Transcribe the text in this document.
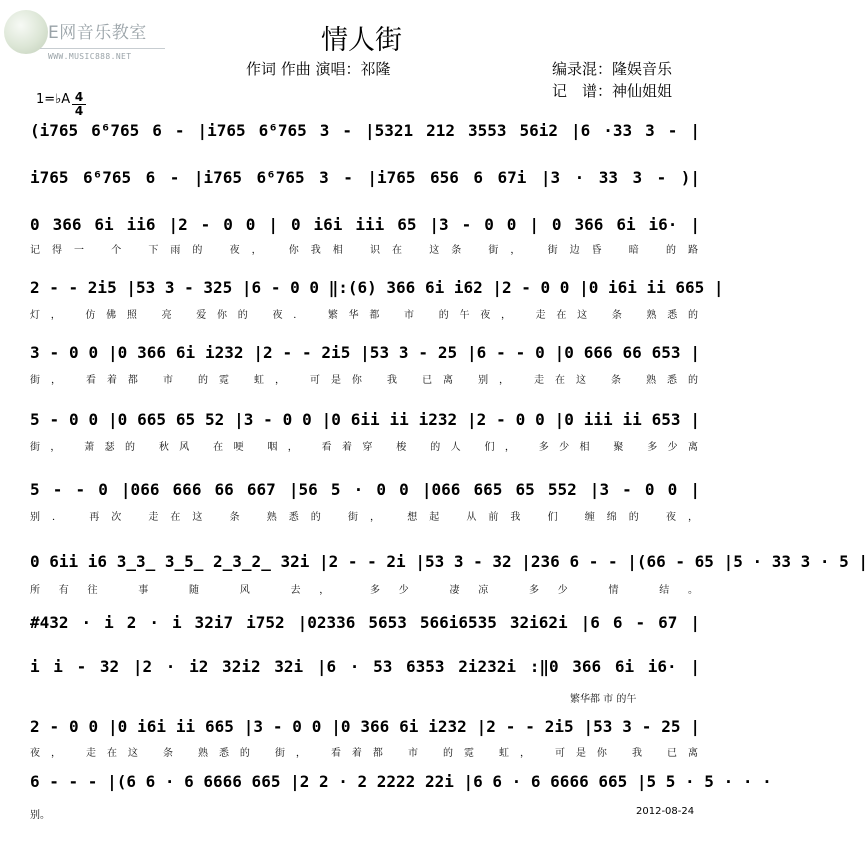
E网音乐教室
WWW.MUSIC888.NET
情人街
作词 作曲 演唱：祁隆	编录混：隆娱音乐
记　谱：神仙姐姐
1=♭A 4
4
(i765 6⁶765 6 - |i765 6⁶765 3 - |5321 212 3553 56i2 |6 ·33 3 - |
i765 6⁶765 6 - |i765 6⁶765 3 - |i765 656 6 67i |3 · 33 3 - )|
0 366 6i ii6 |2 - 0 0 | 0 i6i iii 65 |3 - 0 0 | 0 366 6i i6· |
记得一 个 下雨的 夜， 你我相 识在 这条 街， 街边昏 暗 的路
2 - - 2i5 |53 3 - 325 |6 - 0 0 ‖:(6) 366 6i i62 |2 - 0 0 |0 i6i ii 665 |
灯， 仿佛照 亮 爱你的 夜． 繁华都 市 的午夜， 走在这 条 熟悉的
3 - 0 0 |0 366 6i i232 |2 - - 2i5 |53 3 - 25 |6 - - 0 |0 666 66 653 |
街， 看着都 市 的霓 虹， 可是你 我 已离 别， 走在这 条 熟悉的
5 - 0 0 |0 665 65 52 |3 - 0 0 |0 6ii ii i232 |2 - 0 0 |0 iii ii 653 |
街， 萧瑟的 秋风 在哽 咽， 看着穿 梭 的人 们， 多少相 聚 多少离
5 - - 0 |066 666 66 667 |56 5 · 0 0 |066 665 65 552 |3 - 0 0 |
别． 再次 走在这 条 熟悉的 街， 想起 从前我 们 缠绵的 夜，
0 6ii i6 3̲3̲ 3̲5̲ 2̲3̲2̲ 32i |2 - - 2i |53 3 - 32 |236 6 - - |(66 - 65 |5 · 33 3 · 5 |
所有往 事 随 风 去， 多少 凄凉 多少 情 结。
#432 · i 2 · i 32i7 i752 |02336 5653 566i6535 32i62i |6 6 - 67 |
i i - 32 |2 · i2 32i2 32i |6 · 53 6353 2i232i :‖0 366 6i i6· |
繁华都 市 的午
2 - 0 0 |0 i6i ii 665 |3 - 0 0 |0 366 6i i232 |2 - - 2i5 |53 3 - 25 |
夜， 走在这 条 熟悉的 街， 看着都 市 的霓 虹， 可是你 我 已离
6 - - - |(6 6 · 6 6666 665 |2 2 · 2 2222 22i |6 6 · 6 6666 665 |5 5 · 5 · · ·
别。	2012-08-24
